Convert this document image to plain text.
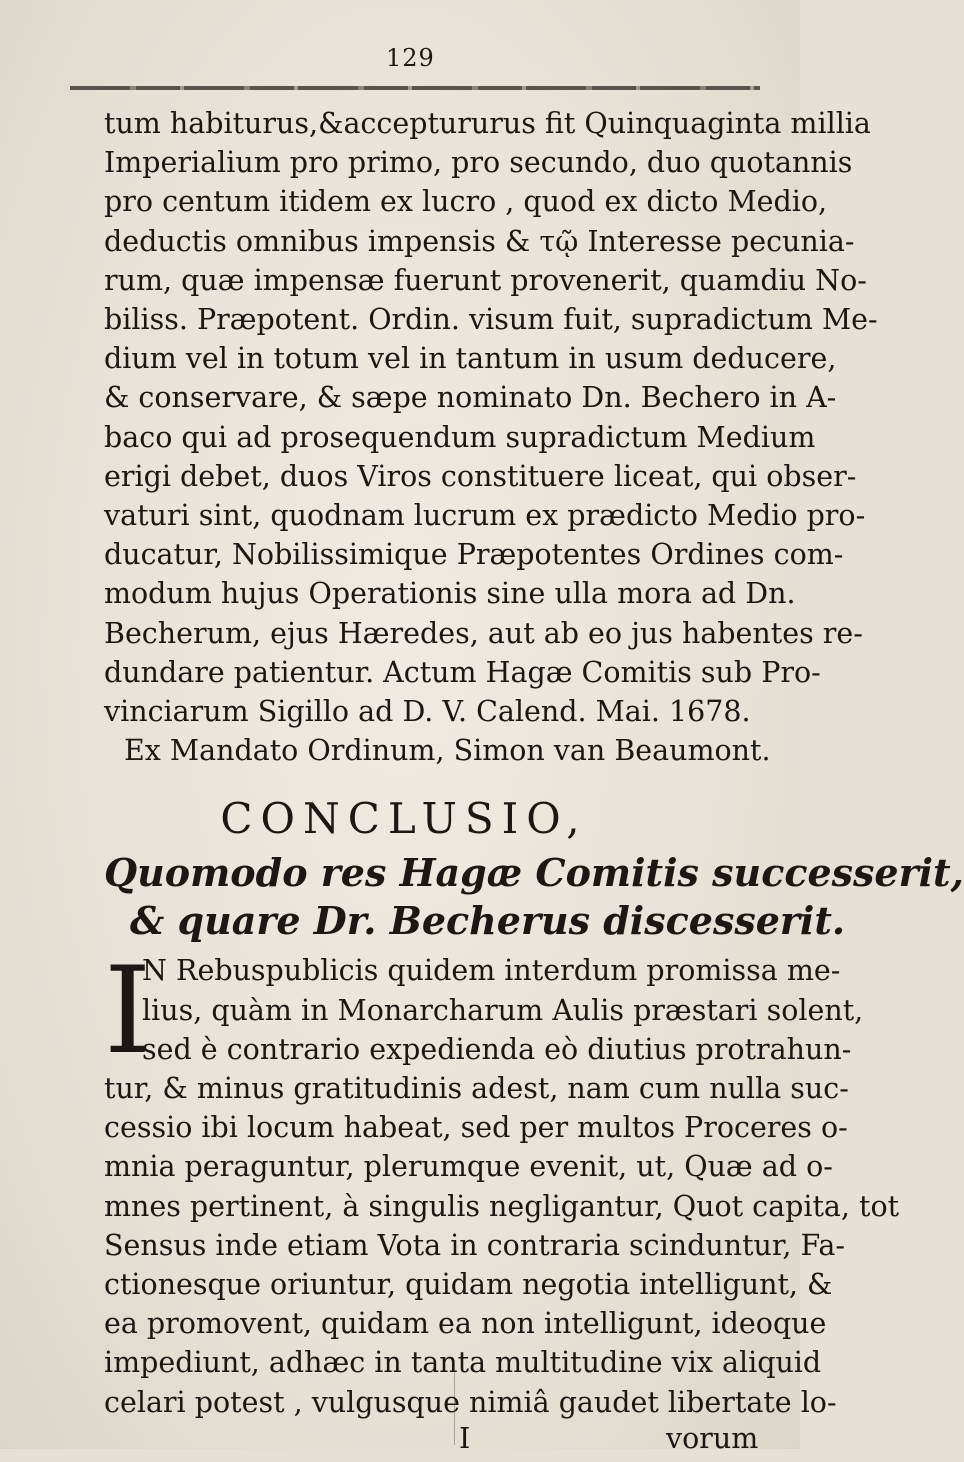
129
tum habiturus,&acceptururus fit Quinquaginta millia
Imperialium pro primo, pro secundo, duo quotannis
pro centum itidem ex lucro , quod ex dicto Medio,
deductis omnibus impensis & τῷ Interesse pecunia-
rum, quæ impensæ fuerunt provenerit, quamdiu No-
biliss. Præpotent. Ordin. visum fuit, supradictum Me-
dium vel in totum vel in tantum in usum deducere,
& conservare, & sæpe nominato Dn. Bechero in A-
baco qui ad prosequendum supradictum Medium
erigi debet, duos Viros constituere liceat, qui obser-
vaturi sint, quodnam lucrum ex prædicto Medio pro-
ducatur, Nobilissimique Præpotentes Ordines com-
modum hujus Operationis sine ulla mora ad Dn.
Becherum, ejus Hæredes, aut ab eo jus habentes re-
dundare patientur. Actum Hagæ Comitis sub Pro-
vinciarum Sigillo ad D. V. Calend. Mai. 1678.
Ex Mandato Ordinum, Simon van Beaumont.
CONCLUSIO,
Quomodo res Hagæ Comitis successerit,
& quare Dr. Becherus discesserit.
I
N Rebuspublicis quidem interdum promissa me-
lius, quàm in Monarcharum Aulis præstari solent,
sed è contrario expedienda eò diutius protrahun-
tur, & minus gratitudinis adest, nam cum nulla suc-
cessio ibi locum habeat, sed per multos Proceres o-
mnia peraguntur, plerumque evenit, ut, Quæ ad o-
mnes pertinent, à singulis negligantur, Quot capita, tot
Sensus inde etiam Vota in contraria scinduntur, Fa-
ctionesque oriuntur, quidam negotia intelligunt, &
ea promovent, quidam ea non intelligunt, ideoque
impediunt, adhæc in tanta multitudine vix aliquid
celari potest , vulgusque nimiâ gaudet libertate lo-
I	vorum
